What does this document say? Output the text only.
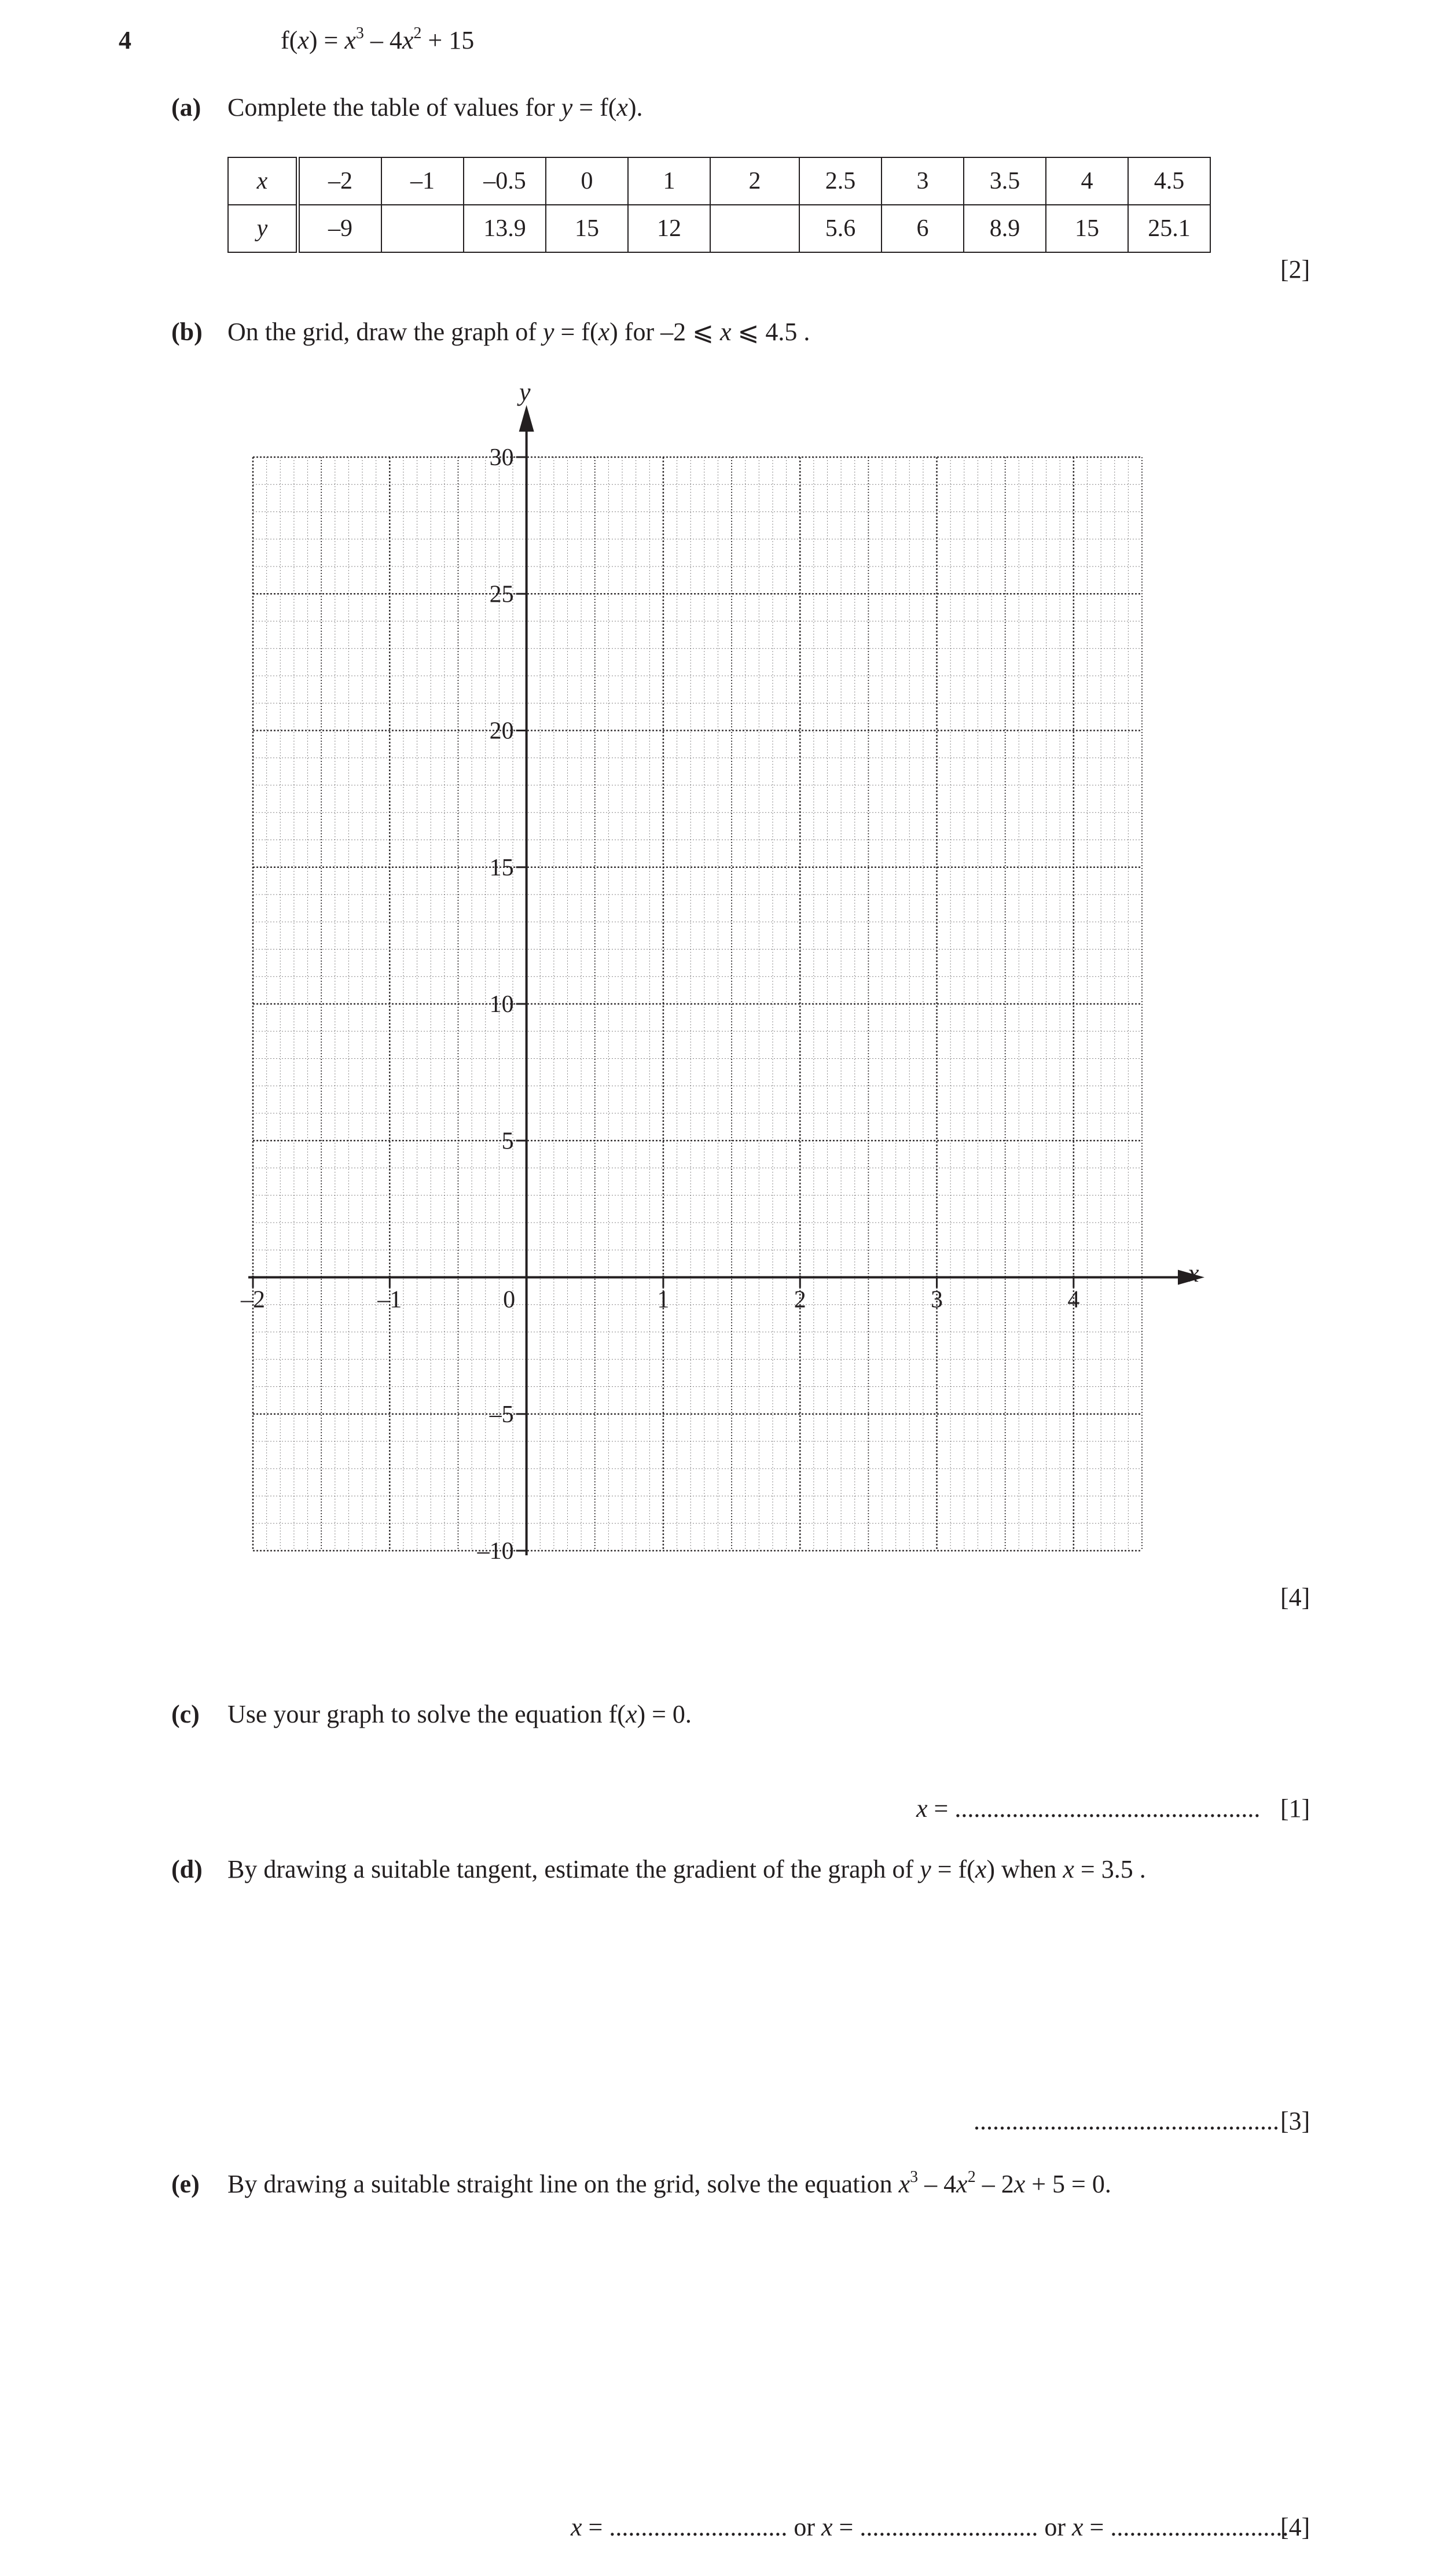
4	$f(x) = x^3 - 4x^2 + 15$
(a) Complete the table of values for y = f(x).
x	–2	–1	–0.5	0	1	2	2.5	3	3.5	4	4.5
y	–9		13.9	15	12		5.6	6	8.9	15	25.1
[2]
(b) On the grid, draw the graph of y = f(x) for –2 ⩽ x ⩽ 4.5 .
–2	–1	0	1	2	3	4
–10
–5
5
10
15
20
25
30
x
y
[4]
(c) Use your graph to solve the equation f(x) = 0.
x = ................................................ [1]
(d) By drawing a suitable tangent, estimate the gradient of the graph of y = f(x) when x = 3.5 .
................................................ [3]
(e) By drawing a suitable straight line on the grid, solve the equation $x^3 - 4x^2 - 2x + 5 = 0$.
x = ............................ or x = ............................ or x = ............................
[4]
